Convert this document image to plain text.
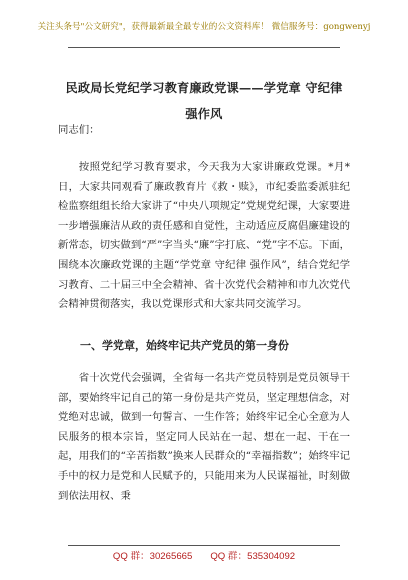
关注头条号"公文研究"，获得最新最全最专业的公文资料库！ 微信服务号：gongwenyj
民政局长党纪学习教育廉政党课——学党章 守纪律 强作风
同志们：
按照党纪学习教育要求，今天我为大家讲廉政党课。*月*日，大家共同观看了廉政教育片《救・赎》，市纪委监委派驻纪检监察组组长给大家讲了“中央八项规定”党规党纪课，大家要进一步增强廉洁从政的责任感和自觉性，主动适应反腐倡廉建设的新常态，切实做到“严”字当头“廉”字打底、“党”字不忘。下面，围绕本次廉政党课的主题“学党章 守纪律 强作风”，结合党纪学习教育、二十届三中全会精神、省十次党代会精神和市九次党代会精神贯彻落实，我以党课形式和大家共同交流学习。
一、学党章，始终牢记共产党员的第一身份
省十次党代会强调，全省每一名共产党员特别是党员领导干部，要始终牢记自己的第一身份是共产党员，坚定理想信念，对党绝对忠诚，做到一句誓言、一生作答；始终牢记全心全意为人民服务的根本宗旨，坚定同人民站在一起、想在一起、干在一起，用我们的“辛苦指数”换来人民群众的“幸福指数”；始终牢记手中的权力是党和人民赋予的，只能用来为人民谋福祉，时刻做到依法用权、秉
QQ 群：30265665 QQ 群：535304092
